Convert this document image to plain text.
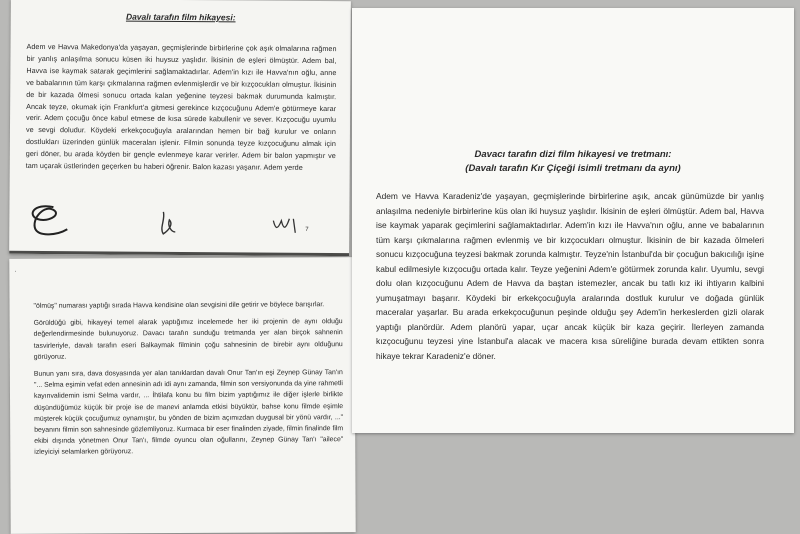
Davalı tarafın film hikayesi:
Adem ve Havva Makedonya'da yaşayan, geçmişlerinde birbirlerine çok aşık olmalarına rağmen bir yanlış anlaşılma sonucu küsen iki huysuz yaşlıdır. İkisinin de eşleri ölmüştür. Adem bal, Havva ise kaymak satarak geçimlerini sağlamaktadırlar. Adem'in kızı ile Havva'nın oğlu, anne ve babalarının tüm karşı çıkmalarına rağmen evlenmişlerdir ve bir kızçocukları olmuştur. İkisinin de bir kazada ölmesi sonucu ortada kalan yeğenine teyzesi bakmak durumunda kalmıştır. Ancak teyze, okumak için Frankfurt'a gitmesi gerekince kızçocuğunu Adem'e götürmeye karar verir. Adem çocuğu önce kabul etmese de kısa sürede kabullenir ve sever. Kızçocuğu uyumlu ve sevgi doludur. Köydeki erkekçocuğuyla aralarından hemen bir bağ kurulur ve onların dostlukları üzerinden günlük maceraları işlenir. Filmin sonunda teyze kızçocuğunu almak için geri döner, bu arada köyden bir gençle evlenmeye karar verirler. Adem bir balon yapmıştır ve tam uçarak üstlerinden geçerken bu haberi öğrenir. Balon kazası yaşanır. Adem yerde
7
·

"ölmüş" numarası yaptığı sırada Havva kendisine olan sevgisini dile getirir ve böylece barışırlar.

Görüldüğü gibi, hikayeyi temel alarak yaptığımız incelemede her iki projenin de aynı olduğu değerlendirmesinde bulunuyoruz. Davacı tarafın sunduğu tretmanda yer alan birçok sahnenin tasvirleriyle, davalı tarafın eseri Balkaymak filminin çoğu sahnesinin de birebir aynı olduğunu görüyoruz.

Bunun yanı sıra, dava dosyasında yer alan tanıklardan davalı Onur Tan'ın eşi Zeynep Günay Tan'ın "... Selma eşimin vefat eden annesinin adı idi aynı zamanda, filmin son versiyonunda da yine rahmetli kayınvalidemin ismi Selma vardır, ... İhtilafa konu bu film bizim yaptığımız ile diğer işlerle birlikte düşündüğümüz küçük bir proje ise de manevi anlamda etkisi büyüktür, bahse konu filmde eşimle müşterek küçük çocuğumuz oynamıştır, bu yönden de bizim açımızdan duygusal bir yönü vardır, ..." beyanını filmin son sahnesinde gözlemliyoruz. Kurmaca bir eser finalinden ziyade, filmin finalinde film ekibi dışında yönetmen Onur Tan'ı, filmde oyuncu olan oğullarını, Zeynep Günay Tan'ı "ailece" izleyiciyi selamlarken görüyoruz.

Davacı tarafın dizi film hikayesi ve tretmanı:
(Davalı tarafın Kır Çiçeği isimli tretmanı da aynı)

Adem ve Havva Karadeniz'de yaşayan, geçmişlerinde birbirlerine aşık, ancak günümüzde bir yanlış anlaşılma nedeniyle birbirlerine küs olan iki huysuz yaşlıdır. İkisinin de eşleri ölmüştür. Adem bal, Havva ise kaymak yaparak geçimlerini sağlamaktadırlar. Adem'in kızı ile Havva'nın oğlu, anne ve babalarının tüm karşı çıkmalarına rağmen evlenmiş ve bir kızçocukları olmuştur. İkisinin de bir kazada ölmeleri sonucu kızçocuğuna teyzesi bakmak zorunda kalmıştır. Teyze'nin İstanbul'da bir çocuğun bakıcılığı işine kabul edilmesiyle kızçocuğu ortada kalır. Teyze yeğenini Adem'e götürmek zorunda kalır. Uyumlu, sevgi dolu olan kızçocuğunu Adem de Havva da baştan istemezler, ancak bu tatlı kız iki ihtiyarın kalbini yumuşatmayı başarır. Köydeki bir erkekçocuğuyla aralarında dostluk kurulur ve doğada günlük maceralar yaşarlar. Bu arada erkekçocuğunun peşinde olduğu şey Adem'in herkeslerden gizli olarak yaptığı planördür. Adem planörü yapar, uçar ancak küçük bir kaza geçirir. İlerleyen zamanda kızçocuğunu teyzesi yine İstanbul'a alacak ve macera kısa süreliğine burada devam ettikten sonra hikaye tekrar Karadeniz'e döner.
